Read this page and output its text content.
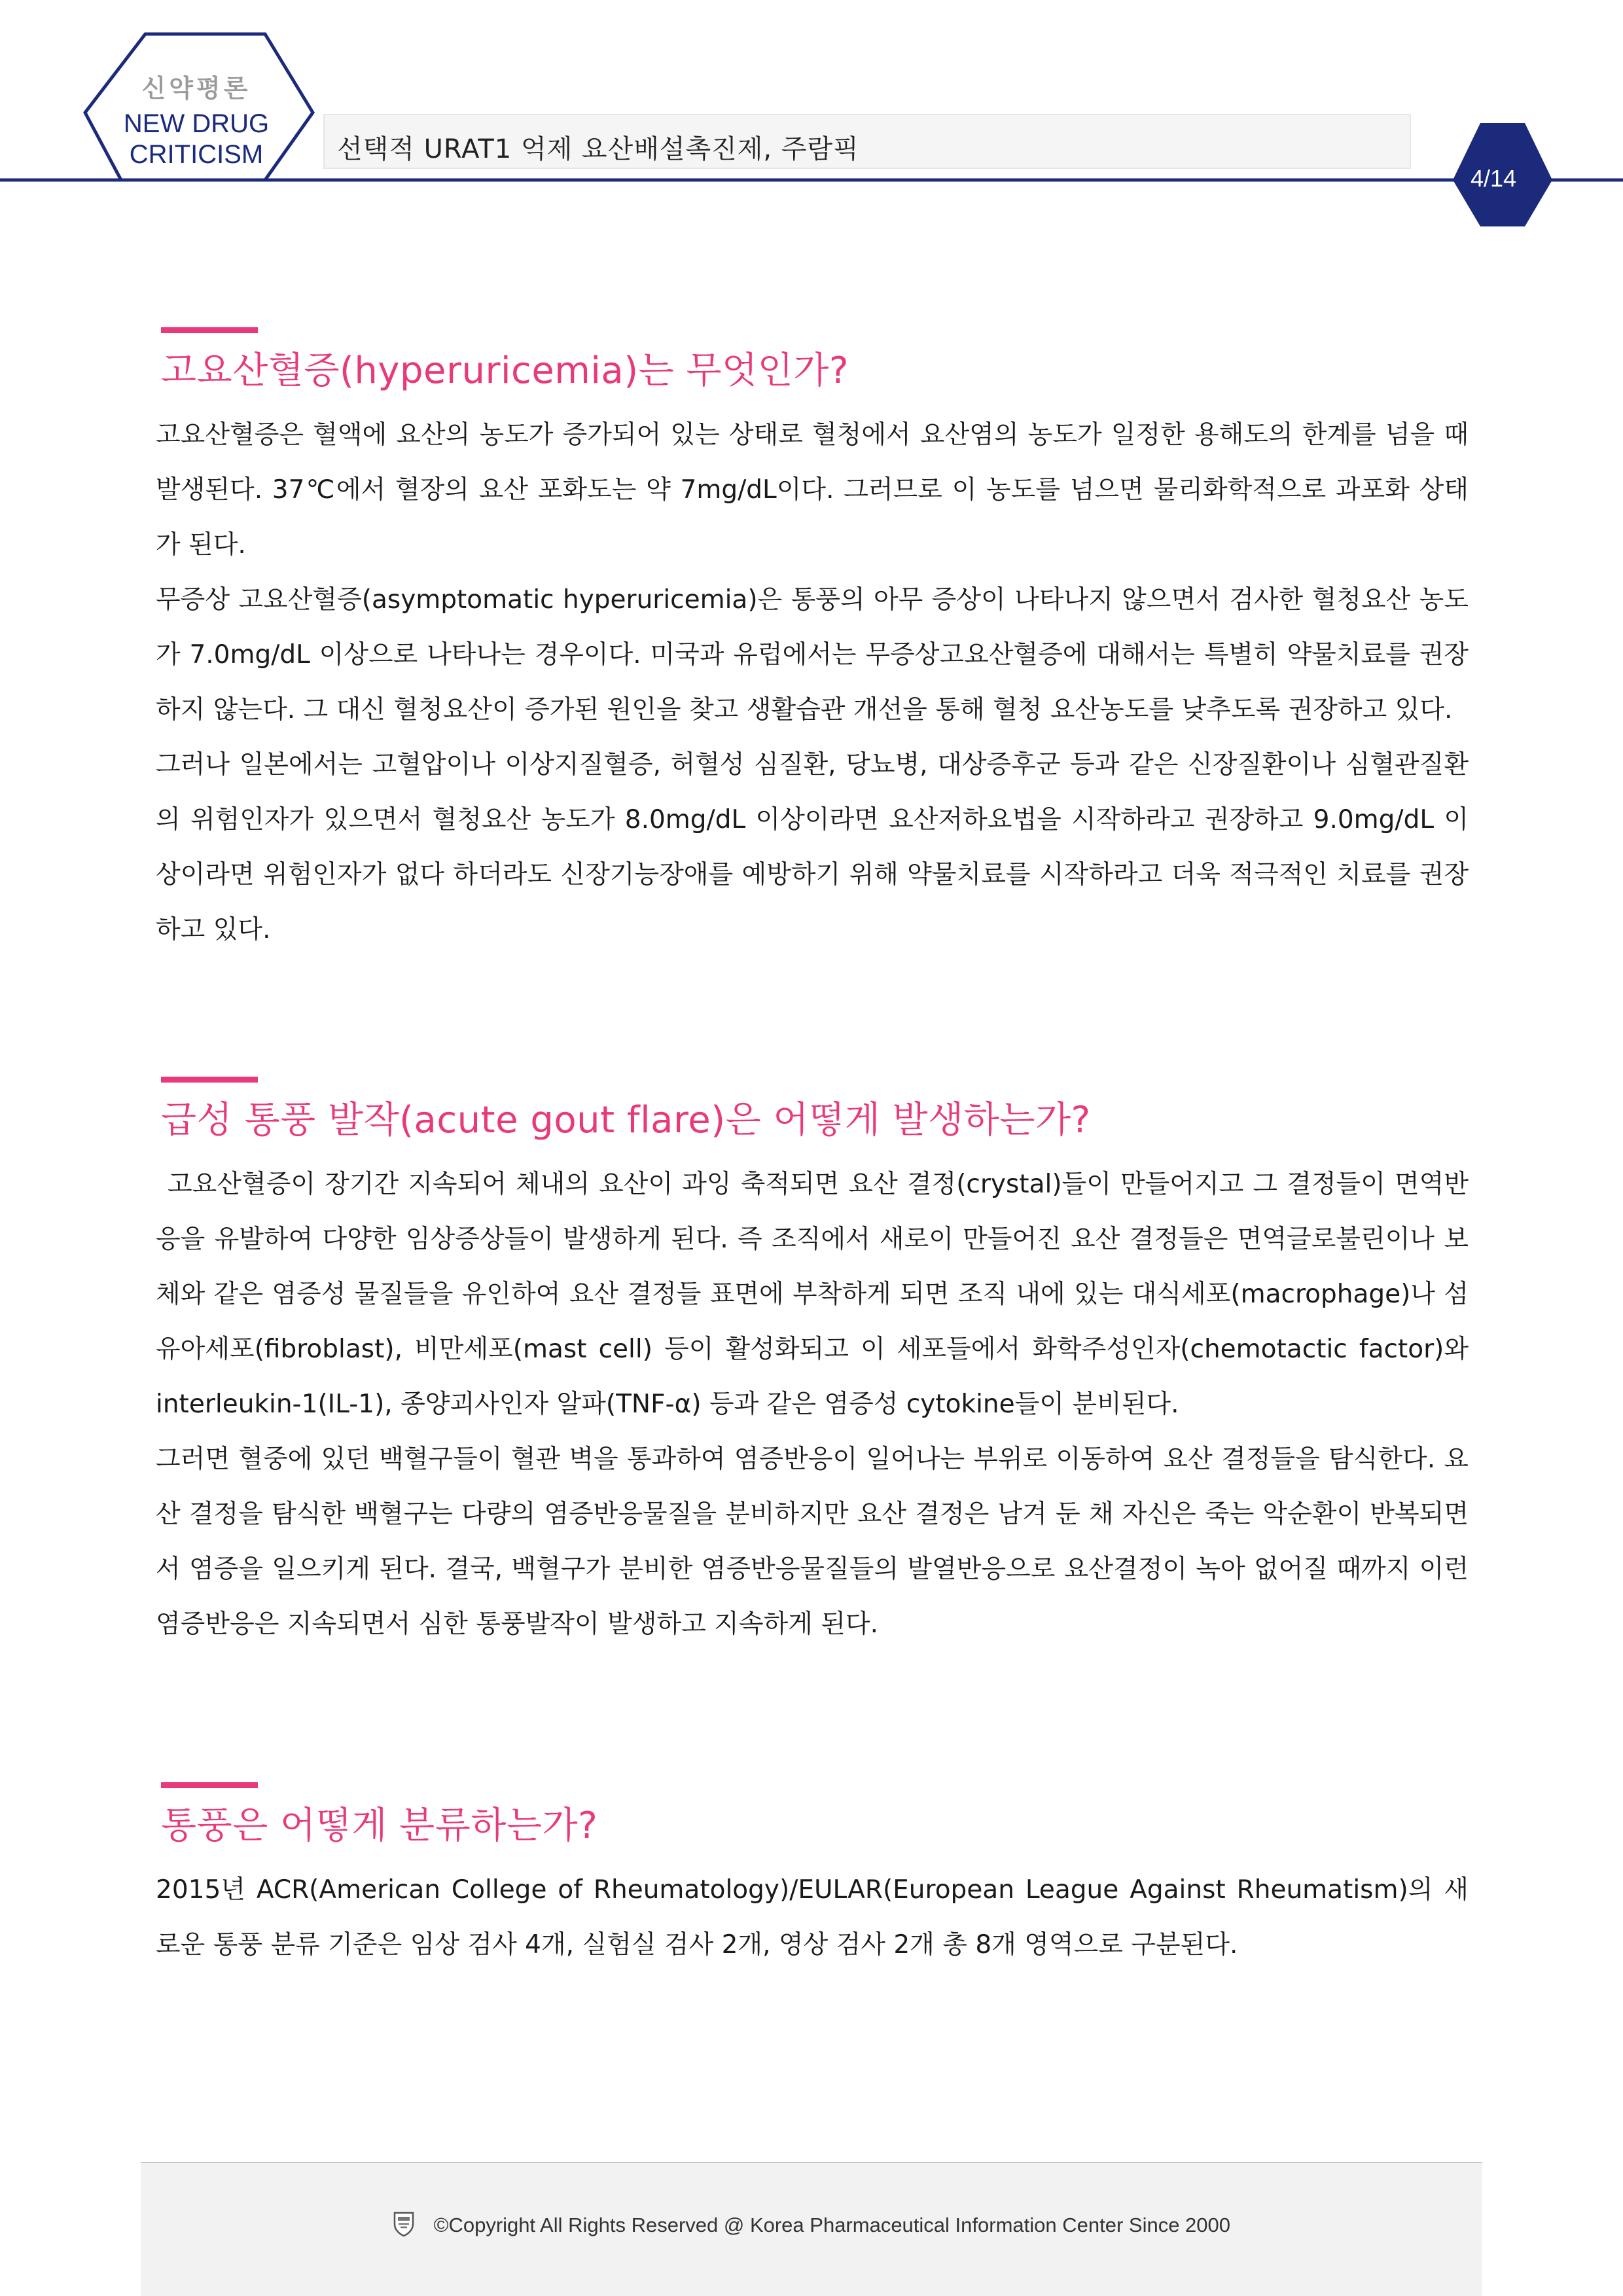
신약평론
NEW DRUG
CRITICISM	선택적 URAT1 억제 요산배설촉진제, 주람픽
4/14
고요산혈증(hyperuricemia)는 무엇인가?

고요산혈증은 혈액에 요산의 농도가 증가되어 있는 상태로 혈청에서 요산염의 농도가 일정한 용해도의 한계를 넘을 때 발생된다. 37℃에서 혈장의 요산 포화도는 약 7mg/dL이다. 그러므로 이 농도를 넘으면 물리화학적으로 과포화 상태가 된다.

무증상 고요산혈증(asymptomatic hyperuricemia)은 통풍의 아무 증상이 나타나지 않으면서 검사한 혈청요산 농도가 7.0mg/dL 이상으로 나타나는 경우이다. 미국과 유럽에서는 무증상고요산혈증에 대해서는 특별히 약물치료를 권장하지 않는다. 그 대신 혈청요산이 증가된 원인을 찾고 생활습관 개선을 통해 혈청 요산농도를 낮추도록 권장하고 있다.

그러나 일본에서는 고혈압이나 이상지질혈증, 허혈성 심질환, 당뇨병, 대상증후군 등과 같은 신장질환이나 심혈관질환의 위험인자가 있으면서 혈청요산 농도가 8.0mg/dL 이상이라면 요산저하요법을 시작하라고 권장하고 9.0mg/dL 이상이라면 위험인자가 없다 하더라도 신장기능장애를 예방하기 위해 약물치료를 시작하라고 더욱 적극적인 치료를 권장하고 있다.

급성 통풍 발작(acute gout flare)은 어떻게 발생하는가?

고요산혈증이 장기간 지속되어 체내의 요산이 과잉 축적되면 요산 결정(crystal)들이 만들어지고 그 결정들이 면역반응을 유발하여 다양한 임상증상들이 발생하게 된다. 즉 조직에서 새로이 만들어진 요산 결정들은 면역글로불린이나 보체와 같은 염증성 물질들을 유인하여 요산 결정들 표면에 부착하게 되면 조직 내에 있는 대식세포(macrophage)나 섬유아세포(fibroblast), 비만세포(mast cell) 등이 활성화되고 이 세포들에서 화학주성인자(chemotactic factor)와 interleukin-1(IL-1), 종양괴사인자 알파(TNF-α) 등과 같은 염증성 cytokine들이 분비된다.

그러면 혈중에 있던 백혈구들이 혈관 벽을 통과하여 염증반응이 일어나는 부위로 이동하여 요산 결정들을 탐식한다. 요산 결정을 탐식한 백혈구는 다량의 염증반응물질을 분비하지만 요산 결정은 남겨 둔 채 자신은 죽는 악순환이 반복되면서 염증을 일으키게 된다. 결국, 백혈구가 분비한 염증반응물질들의 발열반응으로 요산결정이 녹아 없어질 때까지 이런 염증반응은 지속되면서 심한 통풍발작이 발생하고 지속하게 된다.

통풍은 어떻게 분류하는가?

2015년 ACR(American College of Rheumatology)/EULAR(European League Against Rheumatism)의 새로운 통풍 분류 기준은 임상 검사 4개, 실험실 검사 2개, 영상 검사 2개 총 8개 영역으로 구분된다.

©Copyright All Rights Reserved @ Korea Pharmaceutical Information Center Since 2000
